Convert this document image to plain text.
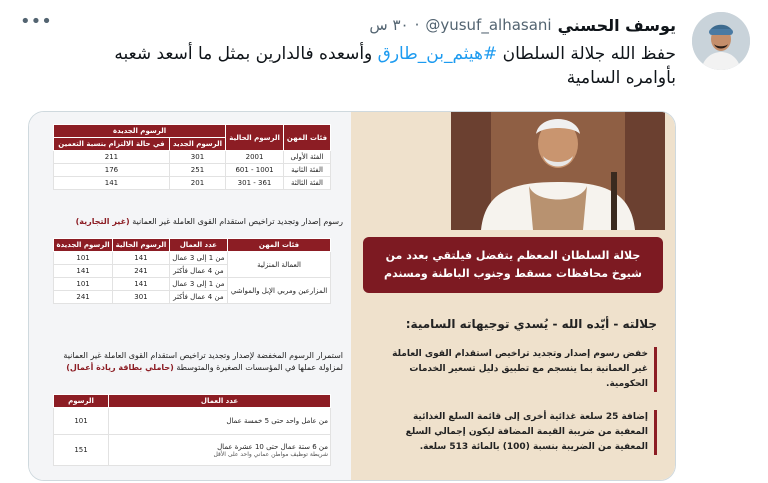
•••	يوسف الحسني
@yusuf_alhasani
·
٣٠ س
حفظ الله جلالة السلطان #هيثم_بن_طارق وأسعده فالدارين بمثل ما أسعد شعبه بأوامره السامية
فئات المهن	الرسوم الحالية	الرسوم الجديدة	
		الرسوم الجديد	في حالة الالتزام بنسبة التعمين
الفئة الأولى	2001	301	211
الفئة الثانية	1001 - 601	251	176
الفئة الثالثة	361 - 301	201	141
رسوم إصدار وتجديد تراخيص استقدام القوى العاملة غير العمانية (غير التجارية)
فئات المهن	عدد العمال	الرسوم الحالية	الرسوم الجديدة
العمالة المنزلية	من 1 إلى 3 عمال	141	101
	من 4 عمال فأكثر	241	141
المزارعين ومربي الإبل والمواشي	من 1 إلى 3 عمال	141	101
	من 4 عمال فأكثر	301	241
استمرار الرسوم المخفضة لإصدار وتجديد تراخيص استقدام القوى العاملة غير العمانية لمزاولة عملها في المؤسسات الصغيرة والمتوسطة (حاملي بطاقة ريادة أعمال)
عدد العمال	الرسوم
من عامل واحد حتى 5 خمسة عمال	101

من 6 ستة عمال حتى 10 عشرة عمال
شريطة توظيف مواطن عماني واحد على الأقل	151
جلالة السلطان المعظم يتفضل فيلتقي بعدد من شيوخ محافظات مسقط وجنوب الباطنة ومسندم
جلالته - أيّده الله - يُسدي توجيهاته السامية:
خفض رسوم إصدار وتجديد تراخيص استقدام القوى العاملة غير العمانية بما ينسجم مع تطبيق دليل تسعير الخدمات الحكومية.
إضافة 25 سلعة غذائية أخرى إلى قائمة السلع الغذائية المعفية من ضريبة القيمة المضافة ليكون إجمالي السلع المعفية من الضريبة بنسبة (100) بالمائة 513 سلعة.
